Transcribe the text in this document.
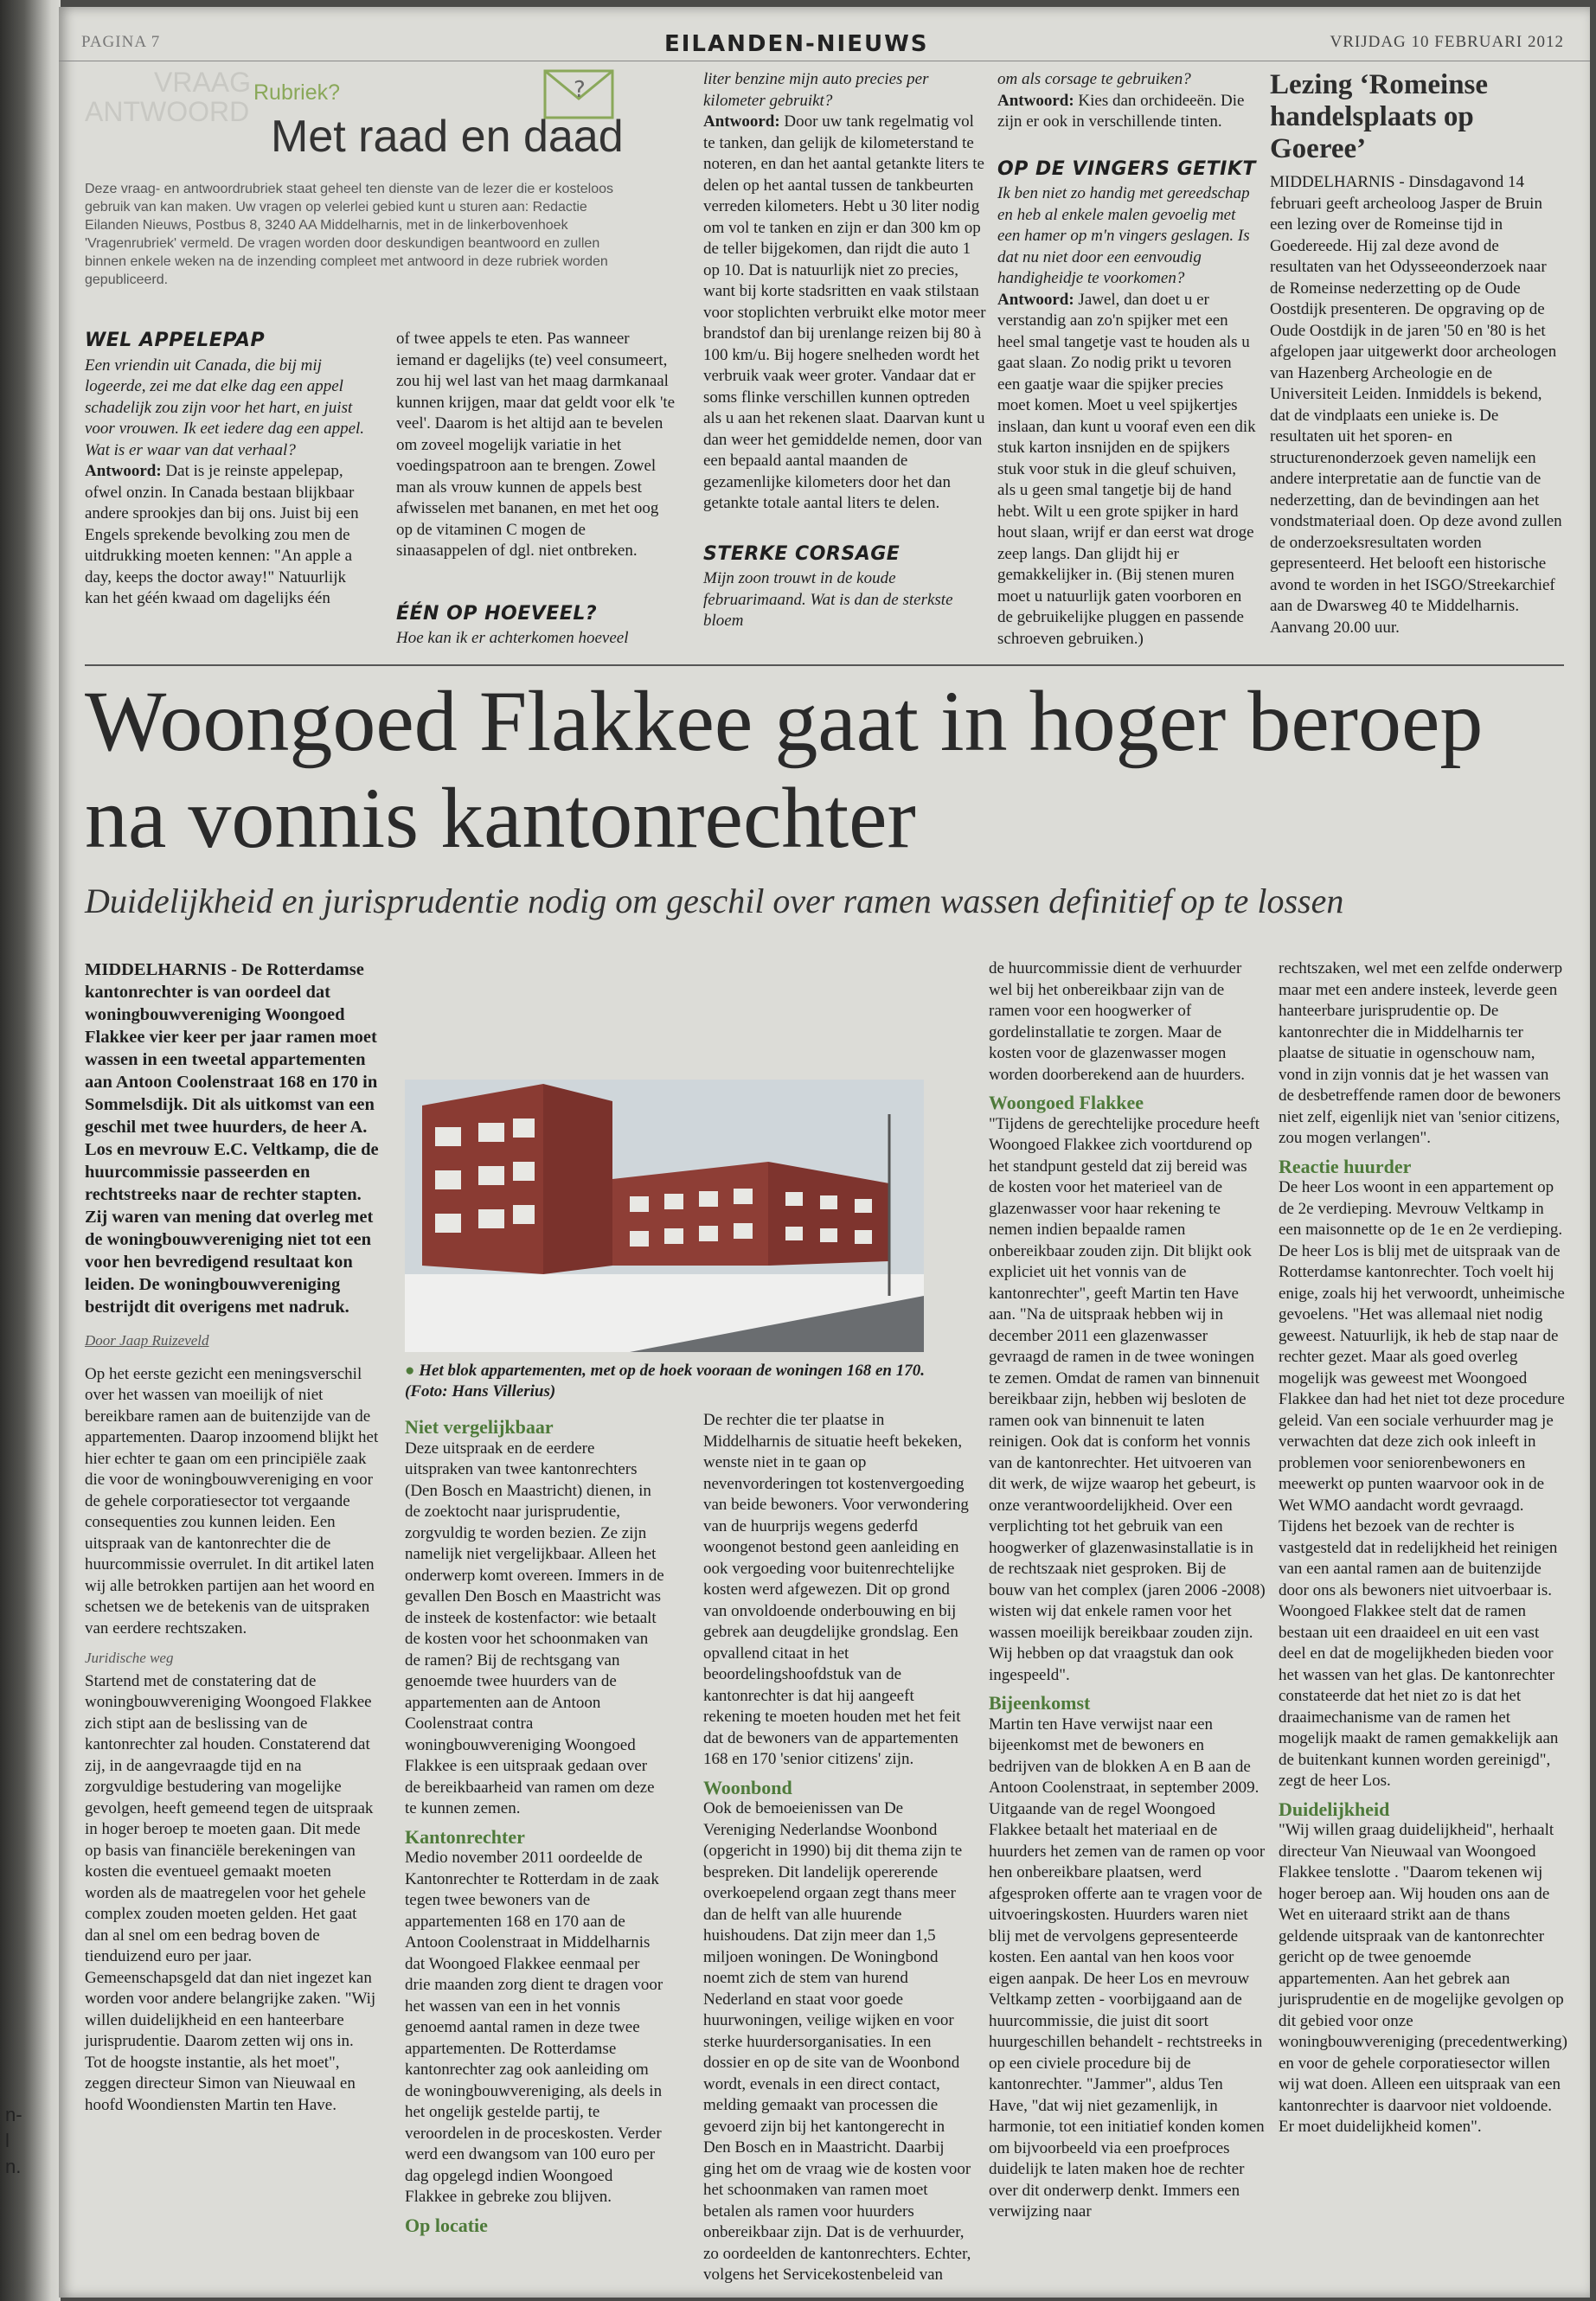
n-
l
n.
PAGINA 7	EILANDEN-NIEUWS	VRIJDAG 10 FEBRUARI 2012
VRAAG
ANTWOORD
Rubriek?
Met raad en daad
?
Deze vraag- en antwoordrubriek staat geheel ten dienste van de lezer die er kosteloos gebruik van kan maken. Uw vragen op velerlei gebied kunt u sturen aan: Redactie Eilanden Nieuws, Postbus 8, 3240 AA Middelharnis, met in de linkerbovenhoek 'Vragenrubriek' vermeld. De vragen worden door deskundigen beantwoord en zullen binnen enkele weken na de inzending compleet met antwoord in deze rubriek worden gepubliceerd.
WEL APPELEPAP

Een vriendin uit Canada, die bij mij logeerde, zei me dat elke dag een appel schadelijk zou zijn voor het hart, en juist voor vrouwen. Ik eet iedere dag een appel. Wat is er waar van dat verhaal?

Antwoord: Dat is je reinste appelepap, ofwel onzin. In Canada bestaan blijkbaar andere sprookjes dan bij ons. Juist bij een Engels sprekende bevolking zou men de uitdrukking moeten kennen: "An apple a day, keeps the doctor away!" Natuurlijk kan het géén kwaad om dagelijks één

of twee appels te eten. Pas wanneer iemand er dagelijks (te) veel consumeert, zou hij wel last van het maag darmkanaal kunnen krijgen, maar dat geldt voor elk 'te veel'. Daarom is het altijd aan te bevelen om zoveel mogelijk variatie in het voedingspatroon aan te brengen. Zowel man als vrouw kunnen de appels best afwisselen met bananen, en met het oog op de vitaminen C mogen de sinaasappelen of dgl. niet ontbreken.

ÉÉN OP HOEVEEL?

Hoe kan ik er achterkomen hoeveel

liter benzine mijn auto precies per kilometer gebruikt?

Antwoord: Door uw tank regelmatig vol te tanken, dan gelijk de kilometerstand te noteren, en dan het aantal getankte liters te delen op het aantal tussen de tankbeurten verreden kilometers. Hebt u 30 liter nodig om vol te tanken en zijn er dan 300 km op de teller bijgekomen, dan rijdt die auto 1 op 10. Dat is natuurlijk niet zo precies, want bij korte stadsritten en vaak stilstaan voor stoplichten verbruikt elke motor meer brandstof dan bij urenlange reizen bij 80 à 100 km/u. Bij hogere snelheden wordt het verbruik vaak weer groter. Vandaar dat er soms flinke verschillen kunnen optreden als u aan het rekenen slaat. Daarvan kunt u dan weer het gemiddelde nemen, door van een bepaald aantal maanden de gezamenlijke kilometers door het dan getankte totale aantal liters te delen.

STERKE CORSAGE

Mijn zoon trouwt in de koude februarimaand. Wat is dan de sterkste bloem

om als corsage te gebruiken?

Antwoord: Kies dan orchideeën. Die zijn er ook in verschillende tinten.

OP DE VINGERS GETIKT

Ik ben niet zo handig met gereedschap en heb al enkele malen gevoelig met een hamer op m'n vingers geslagen. Is dat nu niet door een eenvoudig handigheidje te voorkomen?

Antwoord: Jawel, dan doet u er verstandig aan zo'n spijker met een heel smal tangetje vast te houden als u gaat slaan. Zo nodig prikt u tevoren een gaatje waar die spijker precies moet komen. Moet u veel spijkertjes inslaan, dan kunt u vooraf even een dik stuk karton insnijden en de spijkers stuk voor stuk in die gleuf schuiven, als u geen smal tangetje bij de hand hebt. Wilt u een grote spijker in hard hout slaan, wrijf er dan eerst wat droge zeep langs. Dan glijdt hij er gemakkelijker in. (Bij stenen muren moet u natuurlijk gaten voorboren en de gebruikelijke pluggen en passende schroeven gebruiken.)

Lezing ‘Romeinse handelsplaats op Goeree’

MIDDELHARNIS - Dinsdagavond 14 februari geeft archeoloog Jasper de Bruin een lezing over de Romeinse tijd in Goedereede. Hij zal deze avond de resultaten van het Odysseeonderzoek naar de Romeinse nederzetting op de Oude Oostdijk presenteren. De opgraving op de Oude Oostdijk in de jaren '50 en '80 is het afgelopen jaar uitgewerkt door archeologen van Hazenberg Archeologie en de Universiteit Leiden. Inmiddels is bekend, dat de vindplaats een unieke is. De resultaten uit het sporen- en structurenonderzoek geven namelijk een andere interpretatie aan de functie van de nederzetting, dan de bevindingen aan het vondstmateriaal doen. Op deze avond zullen de onderzoeksresultaten worden gepresenteerd. Het belooft een historische avond te worden in het ISGO/Streekarchief aan de Dwarsweg 40 te Middelharnis. Aanvang 20.00 uur.

Woongoed Flakkee gaat in hoger beroep na vonnis kantonrechter
Duidelijkheid en jurisprudentie nodig om geschil over ramen wassen definitief op te lossen

MIDDELHARNIS - De Rotterdamse kantonrechter is van oordeel dat woningbouwvereniging Woongoed Flakkee vier keer per jaar ramen moet wassen in een tweetal appartementen aan Antoon Coolenstraat 168 en 170 in Sommelsdijk. Dit als uitkomst van een geschil met twee huurders, de heer A. Los en mevrouw E.C. Veltkamp, die de huurcommissie passeerden en rechtstreeks naar de rechter stapten. Zij waren van mening dat overleg met de woningbouwvereniging niet tot een voor hen bevredigend resultaat kon leiden. De woningbouwvereniging bestrijdt dit overigens met nadruk.

Door Jaap Ruizeveld

Op het eerste gezicht een meningsverschil over het wassen van moeilijk of niet bereikbare ramen aan de buitenzijde van de appartementen. Daarop inzoomend blijkt het hier echter te gaan om een principiële zaak die voor de woningbouwvereniging en voor de gehele corporatiesector tot vergaande consequenties zou kunnen leiden. Een uitspraak van de kantonrechter die de huurcommissie overrulet. In dit artikel laten wij alle betrokken partijen aan het woord en schetsen we de betekenis van de uitspraken van eerdere rechtszaken.

Juridische weg

Startend met de constatering dat de woningbouwvereniging Woongoed Flakkee zich stipt aan de beslissing van de kantonrechter zal houden. Constaterend dat zij, in de aangevraagde tijd en na zorgvuldige bestudering van mogelijke gevolgen, heeft gemeend tegen de uitspraak in hoger beroep te moeten gaan. Dit mede op basis van financiële berekeningen van kosten die eventueel gemaakt moeten worden als de maatregelen voor het gehele complex zouden moeten gelden. Het gaat dan al snel om een bedrag boven de tienduizend euro per jaar. Gemeenschapsgeld dat dan niet ingezet kan worden voor andere belangrijke zaken. "Wij willen duidelijkheid en een hanteerbare jurisprudentie. Daarom zetten wij ons in. Tot de hoogste instantie, als het moet", zeggen directeur Simon van Nieuwaal en hoofd Woondiensten Martin ten Have.

● Het blok appartementen, met op de hoek vooraan de woningen 168 en 170. (Foto: Hans Villerius)
Niet vergelijkbaar

Deze uitspraak en de eerdere uitspraken van twee kantonrechters (Den Bosch en Maastricht) dienen, in de zoektocht naar jurisprudentie, zorgvuldig te worden bezien. Ze zijn namelijk niet vergelijkbaar. Alleen het onderwerp komt overeen. Immers in de gevallen Den Bosch en Maastricht was de insteek de kostenfactor: wie betaalt de kosten voor het schoonmaken van de ramen? Bij de rechtsgang van genoemde twee huurders van de appartementen aan de Antoon Coolenstraat contra woningbouwvereniging Woongoed Flakkee is een uitspraak gedaan over de bereikbaarheid van ramen om deze te kunnen zemen.

Kantonrechter

Medio november 2011 oordeelde de Kantonrechter te Rotterdam in de zaak tegen twee bewoners van de appartementen 168 en 170 aan de Antoon Coolenstraat in Middelharnis dat Woongoed Flakkee eenmaal per drie maanden zorg dient te dragen voor het wassen van een in het vonnis genoemd aantal ramen in deze twee appartementen. De Rotterdamse kantonrechter zag ook aanleiding om de woningbouwvereniging, als deels in het ongelijk gestelde partij, te veroordelen in de proceskosten. Verder werd een dwangsom van 100 euro per dag opgelegd indien Woongoed Flakkee in gebreke zou blijven.

Op locatie

De rechter die ter plaatse in Middelharnis de situatie heeft bekeken, wenste niet in te gaan op nevenvorderingen tot kostenvergoeding van beide bewoners. Voor verwondering van de huurprijs wegens gederfd woongenot bestond geen aanleiding en ook vergoeding voor buitenrechtelijke kosten werd afgewezen. Dit op grond van onvoldoende onderbouwing en bij gebrek aan deugdelijke grondslag. Een opvallend citaat in het beoordelingshoofdstuk van de kantonrechter is dat hij aangeeft rekening te moeten houden met het feit dat de bewoners van de appartementen 168 en 170 'senior citizens' zijn.

Woonbond

Ook de bemoeienissen van De Vereniging Nederlandse Woonbond (opgericht in 1990) bij dit thema zijn te bespreken. Dit landelijk opererende overkoepelend orgaan zegt thans meer dan de helft van alle huurende huishoudens. Dat zijn meer dan 1,5 miljoen woningen. De Woningbond noemt zich de stem van hurend Nederland en staat voor goede huurwoningen, veilige wijken en voor sterke huurdersorganisaties. In een dossier en op de site van de Woonbond wordt, evenals in een direct contact, melding gemaakt van processen die gevoerd zijn bij het kantongerecht in Den Bosch en in Maastricht. Daarbij ging het om de vraag wie de kosten voor het schoonmaken van ramen moet betalen als ramen voor huurders onbereikbaar zijn. Dat is de verhuurder, zo oordeelden de kantonrechters. Echter, volgens het Servicekostenbeleid van

de huurcommissie dient de verhuurder wel bij het onbereikbaar zijn van de ramen voor een hoogwerker of gordelinstallatie te zorgen. Maar de kosten voor de glazenwasser mogen worden doorberekend aan de huurders.

Woongoed Flakkee

"Tijdens de gerechtelijke procedure heeft Woongoed Flakkee zich voortdurend op het standpunt gesteld dat zij bereid was de kosten voor het materieel van de glazenwasser voor haar rekening te nemen indien bepaalde ramen onbereikbaar zouden zijn. Dit blijkt ook expliciet uit het vonnis van de kantonrechter", geeft Martin ten Have aan. "Na de uitspraak hebben wij in december 2011 een glazenwasser gevraagd de ramen in de twee woningen te zemen. Omdat de ramen van binnenuit bereikbaar zijn, hebben wij besloten de ramen ook van binnenuit te laten reinigen. Ook dat is conform het vonnis van de kantonrechter. Het uitvoeren van dit werk, de wijze waarop het gebeurt, is onze verantwoordelijkheid. Over een verplichting tot het gebruik van een hoogwerker of glazenwasinstallatie is in de rechtszaak niet gesproken. Bij de bouw van het complex (jaren 2006 -2008) wisten wij dat enkele ramen voor het wassen moeilijk bereikbaar zouden zijn. Wij hebben op dat vraagstuk dan ook ingespeeld".

Bijeenkomst

Martin ten Have verwijst naar een bijeenkomst met de bewoners en bedrijven van de blokken A en B aan de Antoon Coolenstraat, in september 2009. Uitgaande van de regel Woongoed Flakkee betaalt het materiaal en de huurders het zemen van de ramen op voor hen onbereikbare plaatsen, werd afgesproken offerte aan te vragen voor de uitvoeringskosten. Huurders waren niet blij met de vervolgens gepresenteerde kosten. Een aantal van hen koos voor eigen aanpak. De heer Los en mevrouw Veltkamp zetten - voorbijgaand aan de huurcommissie, die juist dit soort huurgeschillen behandelt - rechtstreeks in op een civiele procedure bij de kantonrechter. "Jammer", aldus Ten Have, "dat wij niet gezamenlijk, in harmonie, tot een initiatief konden komen om bijvoorbeeld via een proefproces duidelijk te laten maken hoe de rechter over dit onderwerp denkt. Immers een verwijzing naar

rechtszaken, wel met een zelfde onderwerp maar met een andere insteek, leverde geen hanteerbare jurisprudentie op. De kantonrechter die in Middelharnis ter plaatse de situatie in ogenschouw nam, vond in zijn vonnis dat je het wassen van de desbetreffende ramen door de bewoners niet zelf, eigenlijk niet van 'senior citizens, zou mogen verlangen".

Reactie huurder

De heer Los woont in een appartement op de 2e verdieping. Mevrouw Veltkamp in een maisonnette op de 1e en 2e verdieping. De heer Los is blij met de uitspraak van de Rotterdamse kantonrechter. Toch voelt hij enige, zoals hij het verwoordt, unheimische gevoelens. "Het was allemaal niet nodig geweest. Natuurlijk, ik heb de stap naar de rechter gezet. Maar als goed overleg mogelijk was geweest met Woongoed Flakkee dan had het niet tot deze procedure geleid. Van een sociale verhuurder mag je verwachten dat deze zich ook inleeft in problemen voor seniorenbewoners en meewerkt op punten waarvoor ook in de Wet WMO aandacht wordt gevraagd. Tijdens het bezoek van de rechter is vastgesteld dat in redelijkheid het reinigen van een aantal ramen aan de buitenzijde door ons als bewoners niet uitvoerbaar is. Woongoed Flakkee stelt dat de ramen bestaan uit een draaideel en uit een vast deel en dat de mogelijkheden bieden voor het wassen van het glas. De kantonrechter constateerde dat het niet zo is dat het draaimechanisme van de ramen het mogelijk maakt de ramen gemakkelijk aan de buitenkant kunnen worden gereinigd", zegt de heer Los.

Duidelijkheid

"Wij willen graag duidelijkheid", herhaalt directeur Van Nieuwaal van Woongoed Flakkee tenslotte . "Daarom tekenen wij hoger beroep aan. Wij houden ons aan de Wet en uiteraard strikt aan de thans geldende uitspraak van de kantonrechter gericht op de twee genoemde appartementen. Aan het gebrek aan jurisprudentie en de mogelijke gevolgen op dit gebied voor onze woningbouwvereniging (precedentwerking) en voor de gehele corporatiesector willen wij wat doen. Alleen een uitspraak van een kantonrechter is daarvoor niet voldoende. Er moet duidelijkheid komen".
